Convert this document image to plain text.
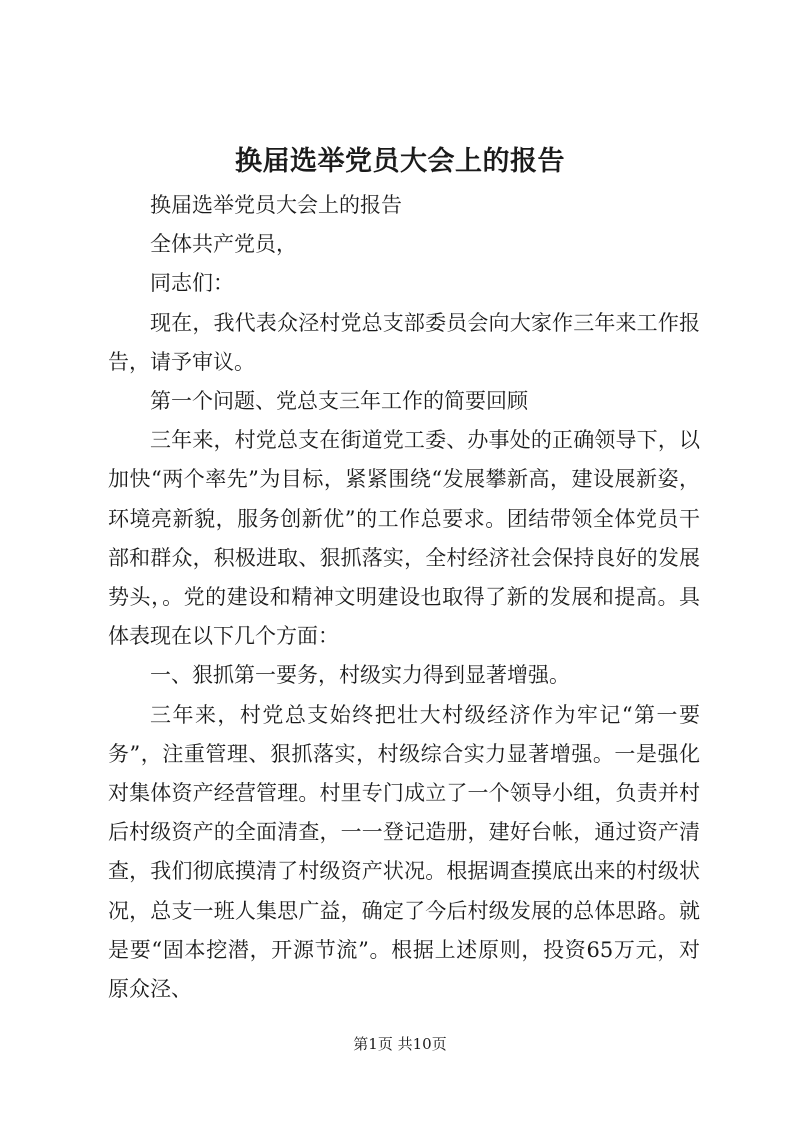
换届选举党员大会上的报告

换届选举党员大会上的报告

全体共产党员，

同志们：

现在，我代表众泾村党总支部委员会向大家作三年来工作报告，请予审议。

第一个问题、党总支三年工作的简要回顾

三年来，村党总支在街道党工委、办事处的正确领导下，以加快“两个率先”为目标，紧紧围绕“发展攀新高，建设展新姿，环境亮新貌，服务创新优”的工作总要求。团结带领全体党员干部和群众，积极进取、狠抓落实，全村经济社会保持良好的发展势头，。党的建设和精神文明建设也取得了新的发展和提高。具体表现在以下几个方面：

一、狠抓第一要务，村级实力得到显著增强。

三年来，村党总支始终把壮大村级经济作为牢记“第一要务”，注重管理、狠抓落实，村级综合实力显著增强。一是强化对集体资产经营管理。村里专门成立了一个领导小组，负责并村后村级资产的全面清查，一一登记造册，建好台帐，通过资产清查，我们彻底摸清了村级资产状况。根据调查摸底出来的村级状况，总支一班人集思广益，确定了今后村级发展的总体思路。就是要“固本挖潜，开源节流”。根据上述原则，投资65万元，对原众泾、

第1页 共10页
